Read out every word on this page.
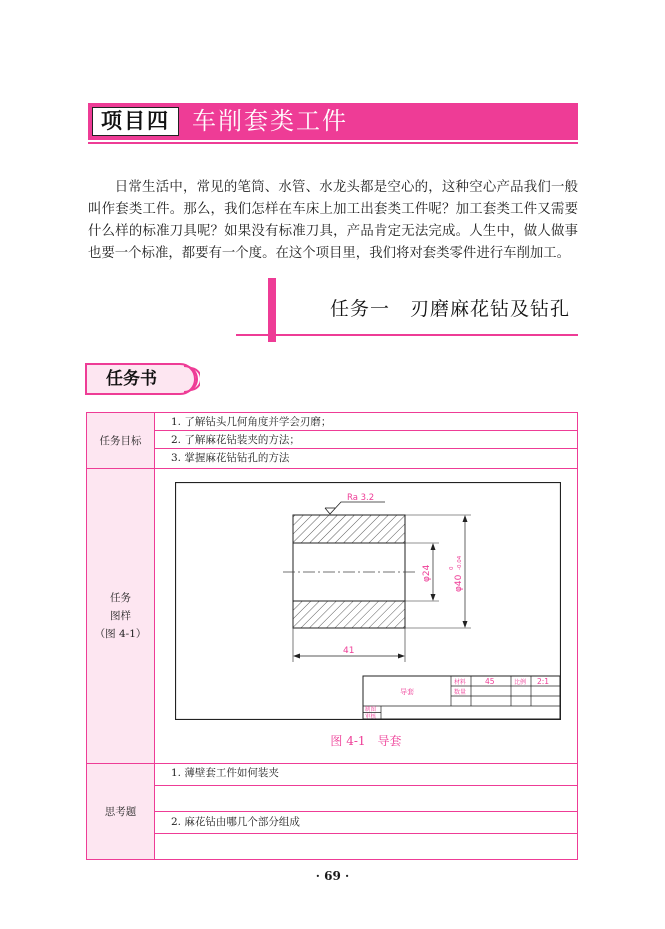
项目四 车削套类工件

日常生活中，常见的笔筒、水管、水龙头都是空心的，这种空心产品我们一般叫作套类工件。那么，我们怎样在车床上加工出套类工件呢？加工套类工件又需要什么样的标准刀具呢？如果没有标准刀具，产品肯定无法完成。人生中，做人做事也要一个标准，都要有一个度。在这个项目里，我们将对套类零件进行车削加工。

任务一　刃磨麻花钻及钻孔
任务书
任务目标
1. 了解钻头几何角度并学会刃磨；
2. 了解麻花钻装夹的方法；
3. 掌握麻花钻钻孔的方法
任务
图样
（图 4-1）
Ra 3.2
φ24
φ40
0 -0.04
41
导套
材料	45	比例 2:1
数量
制图
审核
图 4-1　导套
思考题
1. 薄壁套工件如何装夹
2. 麻花钻由哪几个部分组成
· 69 ·
